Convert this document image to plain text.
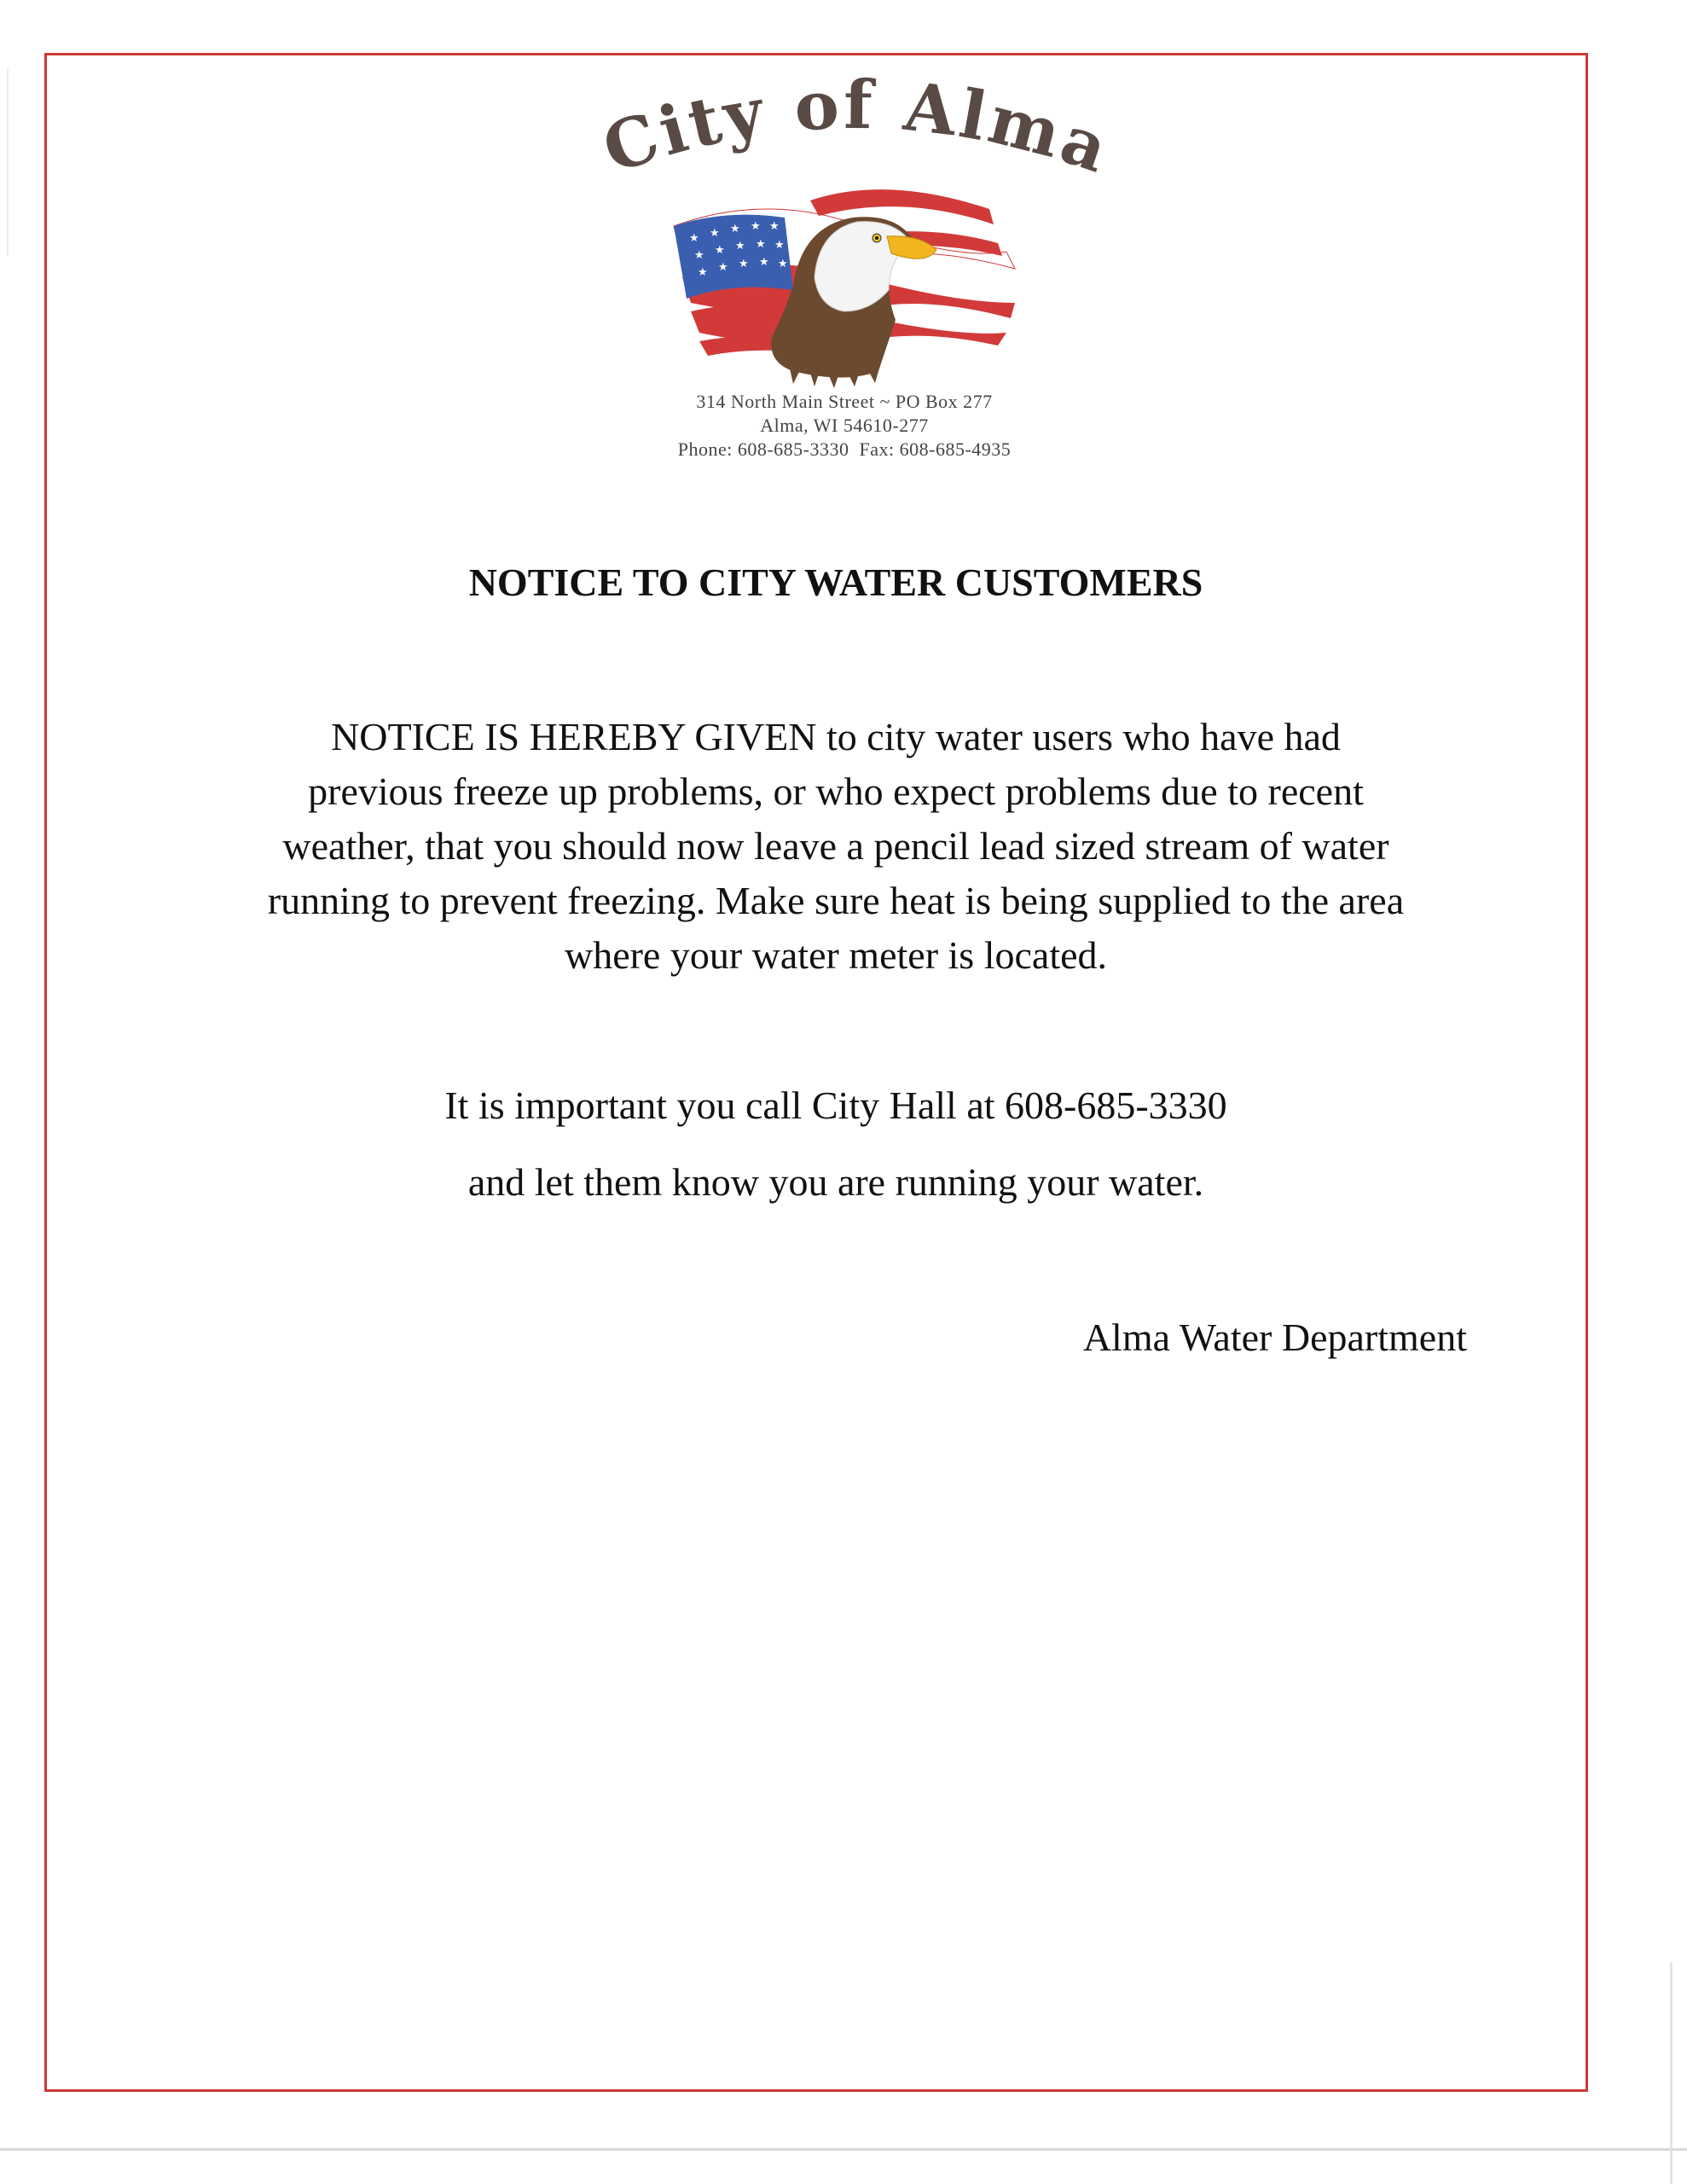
City of Alma
★ ★ ★ ★ ★
★ ★ ★ ★ ★
★ ★ ★ ★ ★
314 North Main Street ~ PO Box 277
Alma, WI 54610-277
Phone: 608-685-3330  Fax: 608-685-4935
NOTICE TO CITY WATER CUSTOMERS
NOTICE IS HEREBY GIVEN to city water users who have had
previous freeze up problems, or who expect problems due to recent
weather, that you should now leave a pencil lead sized stream of water
running to prevent freezing. Make sure heat is being supplied to the area
where your water meter is located.
It is important you call City Hall at 608-685-3330
and let them know you are running your water.
Alma Water Department
